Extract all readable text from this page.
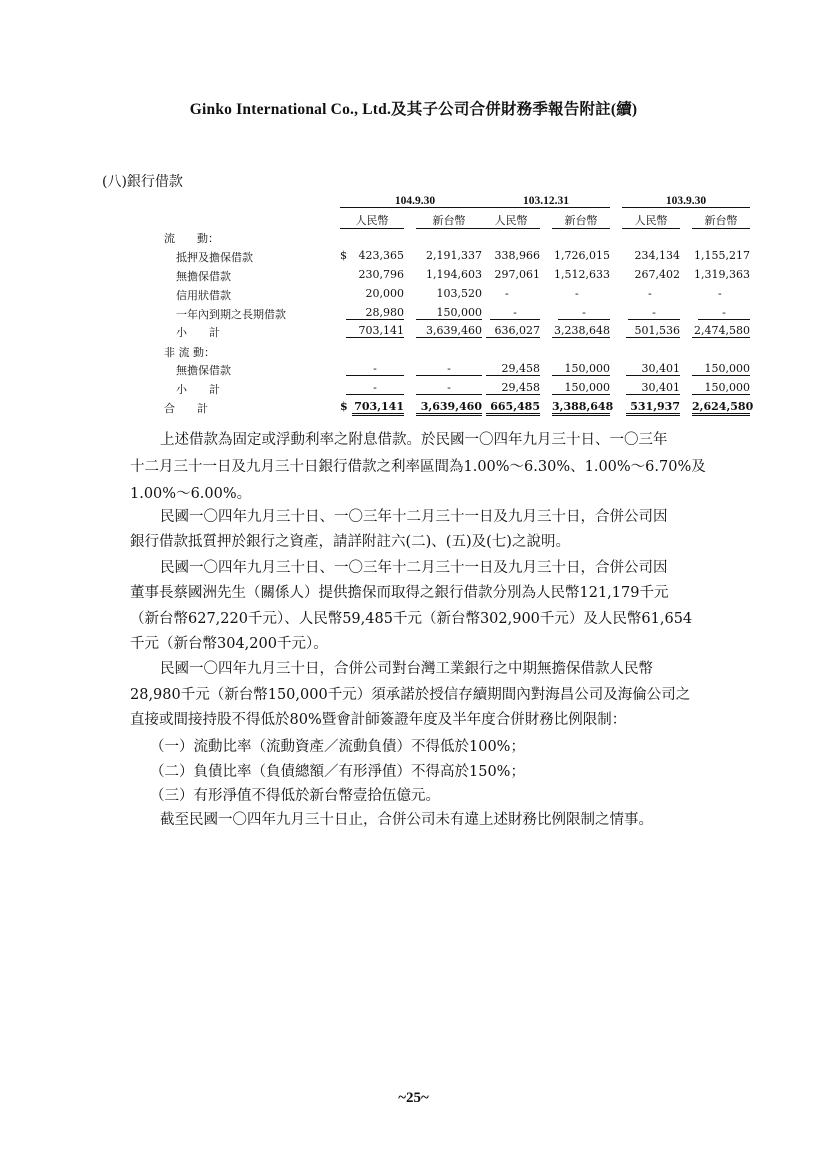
Ginko International Co., Ltd.及其子公司合併財務季報告附註(續)
(八)銀行借款
104.9.30	103.12.31	103.9.30
人民幣	新台幣	人民幣	新台幣	人民幣	新台幣
流　　動：
抵押及擔保借款	$	423,365	2,191,337	338,966 1,726,015	234,134 1,155,217
無擔保借款	230,796	1,194,603	297,061 1,512,633	267,402 1,319,363
信用狀借款	20,000	103,520 -	-	-	-
一年內到期之長期借款	28,980	150,000	-	-	-	-
小　　計	703,141	3,639,460	636,027 3,238,648	501,536 2,474,580
非 流 動：
無擔保借款	-	-	29,458	150,000	30,401	150,000
小　　計	-	-	29,458	150,000	30,401	150,000
合　　計	$ 703,141	3,639,460 665,485 3,388,648	531,937 2,624,580
上述借款為固定或浮動利率之附息借款。於民國一〇四年九月三十日、一〇三年
十二月三十一日及九月三十日銀行借款之利率區間為1.00%～6.30%、1.00%～6.70%及
1.00%～6.00%。
民國一〇四年九月三十日、一〇三年十二月三十一日及九月三十日，合併公司因
銀行借款抵質押於銀行之資產，請詳附註六(二)、(五)及(七)之說明。
民國一〇四年九月三十日、一〇三年十二月三十一日及九月三十日，合併公司因
董事長蔡國洲先生（關係人）提供擔保而取得之銀行借款分別為人民幣121,179千元
（新台幣627,220千元）、人民幣59,485千元（新台幣302,900千元）及人民幣61,654
千元（新台幣304,200千元）。
民國一〇四年九月三十日，合併公司對台灣工業銀行之中期無擔保借款人民幣
28,980千元（新台幣150,000千元）須承諾於授信存續期間內對海昌公司及海倫公司之
直接或間接持股不得低於80%暨會計師簽證年度及半年度合併財務比例限制：
（一）流動比率（流動資產／流動負債）不得低於100%；
（二）負債比率（負債總額／有形淨值）不得高於150%；
（三）有形淨值不得低於新台幣壹拾伍億元。
截至民國一〇四年九月三十日止，合併公司未有違上述財務比例限制之情事。
~25~
